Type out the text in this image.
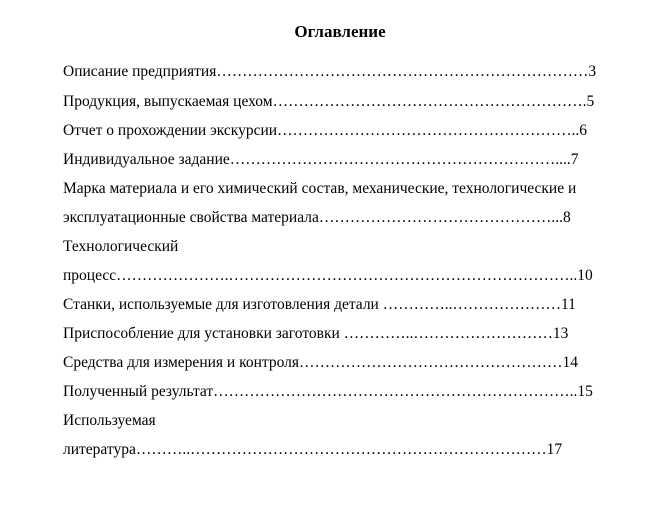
Оглавление
Описание предприятия………………………………………………………………3
Продукция, выпускаемая цехом…………………………………………………….5
Отчет о прохождении экскурсии…………………………………………………..6
Индивидуальное задание………………………………………………………....7
Марка материала и его химический состав, механические, технологические и
эксплуатационные свойства материала………………………………………...8
Технологический
процесс………………….…………………………………………………………..10
Станки, используемые для изготовления детали …………..…………………11
Приспособление для установки заготовки …………..………………………13
Средства для измерения и контроля……………………………………………14
Полученный результат……………………………………………………………..15
Используемая
литература………..……………………………………………………………17
